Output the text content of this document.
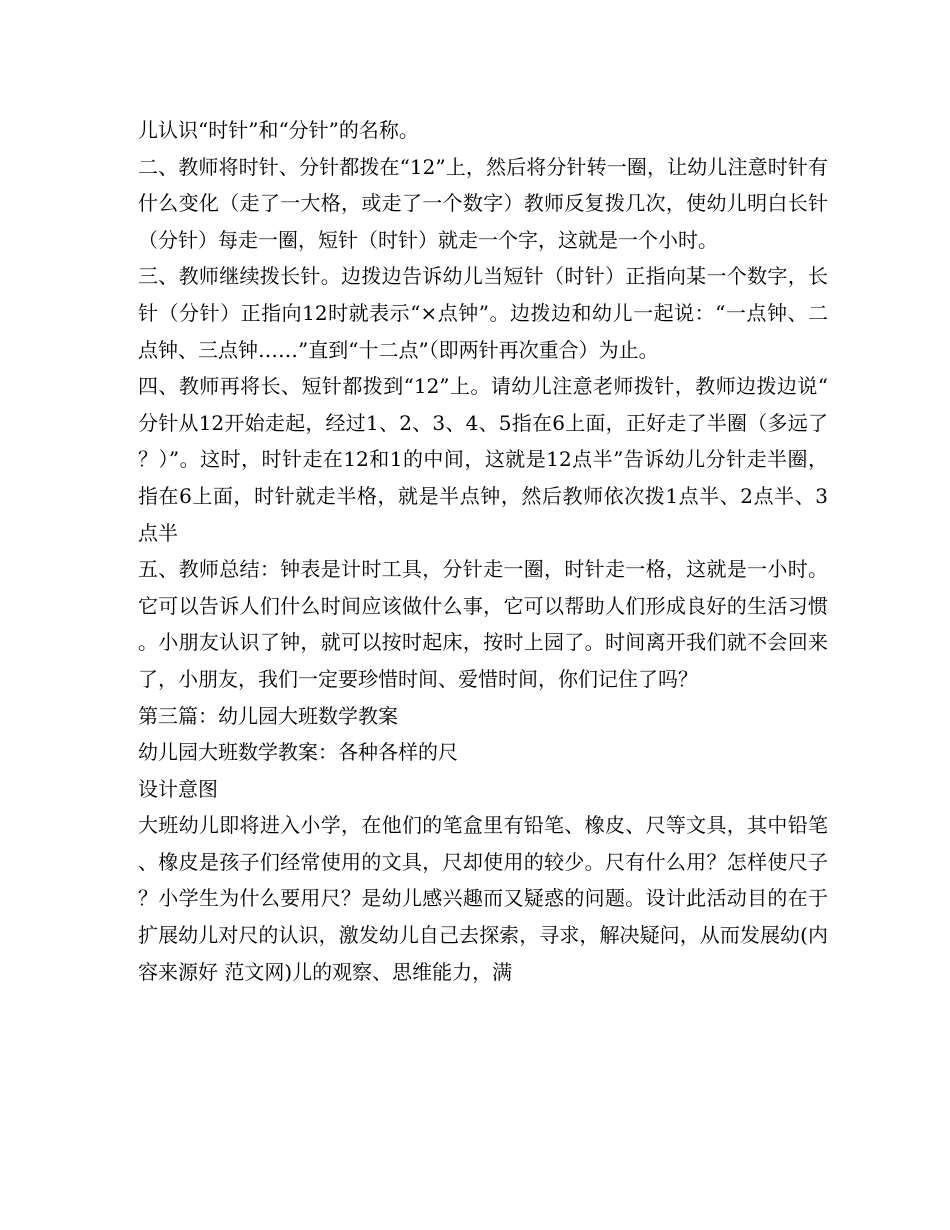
儿认识“时针”和“分针”的名称。

二、教师将时针、分针都拨在“12”上，然后将分针转一圈，让幼儿注意时针有什么变化（走了一大格，或走了一个数字）教师反复拨几次，使幼儿明白长针（分针）每走一圈，短针（时针）就走一个字，这就是一个小时。

三、教师继续拨长针。边拨边告诉幼儿当短针（时针）正指向某一个数字，长针（分针）正指向12时就表示“×点钟”。边拨边和幼儿一起说：“一点钟、二点钟、三点钟……”直到“十二点”（即两针再次重合）为止。

四、教师再将长、短针都拨到“12”上。请幼儿注意老师拨针，教师边拨边说“分针从12开始走起，经过1、2、3、4、5指在6上面，正好走了半圈（多远了？）”。这时，时针走在12和1的中间，这就是12点半”告诉幼儿分针走半圈，指在6上面，时针就走半格，就是半点钟，然后教师依次拨1点半、2点半、3点半

五、教师总结：钟表是计时工具，分针走一圈，时针走一格，这就是一小时。它可以告诉人们什么时间应该做什么事，它可以帮助人们形成良好的生活习惯。小朋友认识了钟，就可以按时起床，按时上园了。时间离开我们就不会回来了，小朋友，我们一定要珍惜时间、爱惜时间，你们记住了吗？

第三篇：幼儿园大班数学教案

幼儿园大班数学教案：各种各样的尺

设计意图

大班幼儿即将进入小学，在他们的笔盒里有铅笔、橡皮、尺等文具，其中铅笔、橡皮是孩子们经常使用的文具，尺却使用的较少。尺有什么用？怎样使尺子？小学生为什么要用尺？是幼儿感兴趣而又疑惑的问题。设计此活动目的在于扩展幼儿对尺的认识，激发幼儿自己去探索，寻求，解决疑问，从而发展幼(内容来源好 范文网)儿的观察、思维能力，满
